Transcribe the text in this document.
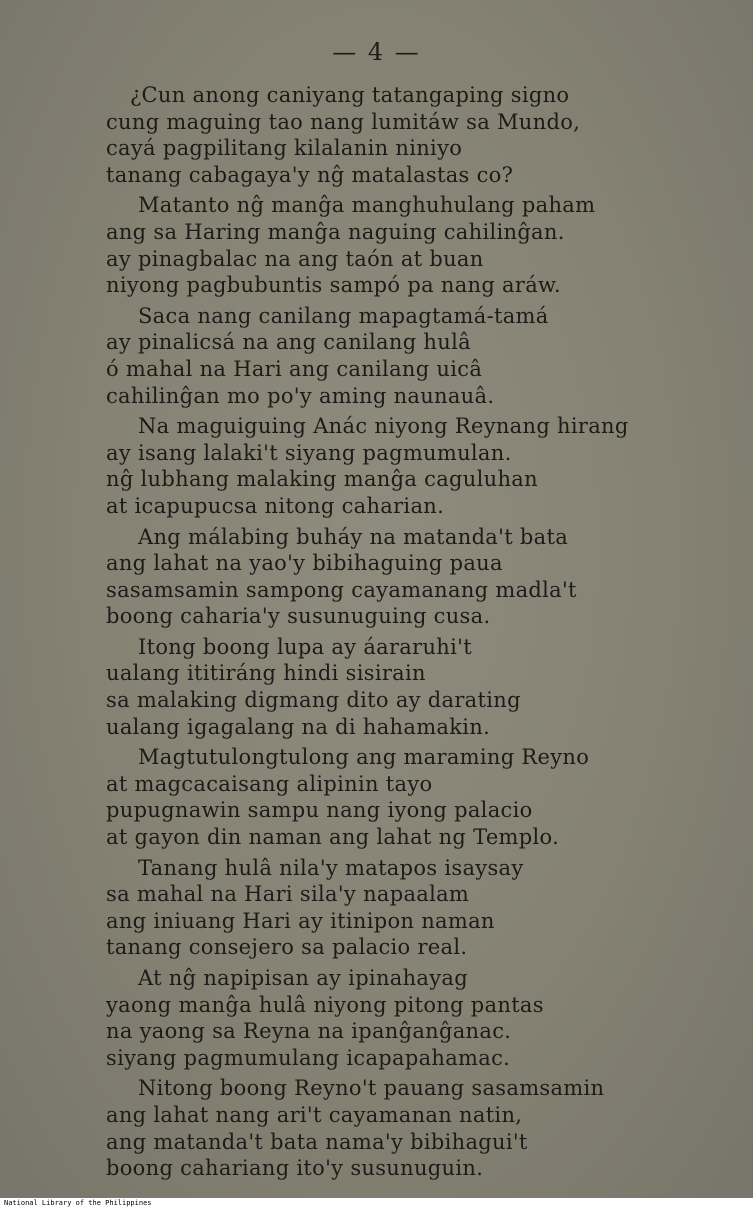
— 4 —
¿Cun anong caniyang tatangaping signo
cung maguing tao nang lumitáw sa Mundo,
cayá pagpilitang kilalanin niniyo
tanang cabagaya'y nĝ matalastas co?
Matanto nĝ manĝa manghuhulang paham
ang sa Haring manĝa naguing cahilinĝan.
ay pinagbalac na ang taón at buan
niyong pagbubuntis sampó pa nang aráw.
Saca nang canilang mapagtamá-tamá
ay pinalicsá na ang canilang hulâ
ó mahal na Hari ang canilang uicâ
cahilinĝan mo po'y aming naunauâ.
Na maguiguing Anác niyong Reynang hirang
ay isang lalaki't siyang pagmumulan.
nĝ lubhang malaking manĝa caguluhan
at icapupucsa nitong caharian.
Ang málabing buháy na matanda't bata
ang lahat na yao'y bibihaguing paua
sasamsamin sampong cayamanang madla't
boong caharia'y susunuguing cusa.
Itong boong lupa ay áararuhi't
ualang ititiráng hindi sisirain
sa malaking digmang dito ay darating
ualang igagalang na di hahamakin.
Magtutulongtulong ang maraming Reyno
at magcacaisang alipinin tayo
pupugnawin sampu nang iyong palacio
at gayon din naman ang lahat ng Templo.
Tanang hulâ nila'y matapos isaysay
sa mahal na Hari sila'y napaalam
ang iniuang Hari ay itinipon naman
tanang consejero sa palacio real.
At nĝ napipisan ay ipinahayag
yaong manĝa hulâ niyong pitong pantas
na yaong sa Reyna na ipanĝanĝanac.
siyang pagmumulang icapapahamac.
Nitong boong Reyno't pauang sasamsamin
ang lahat nang ari't cayamanan natin,
ang matanda't bata nama'y bibihagui't
boong cahariang ito'y susunuguin.
National Library of the Philippines
